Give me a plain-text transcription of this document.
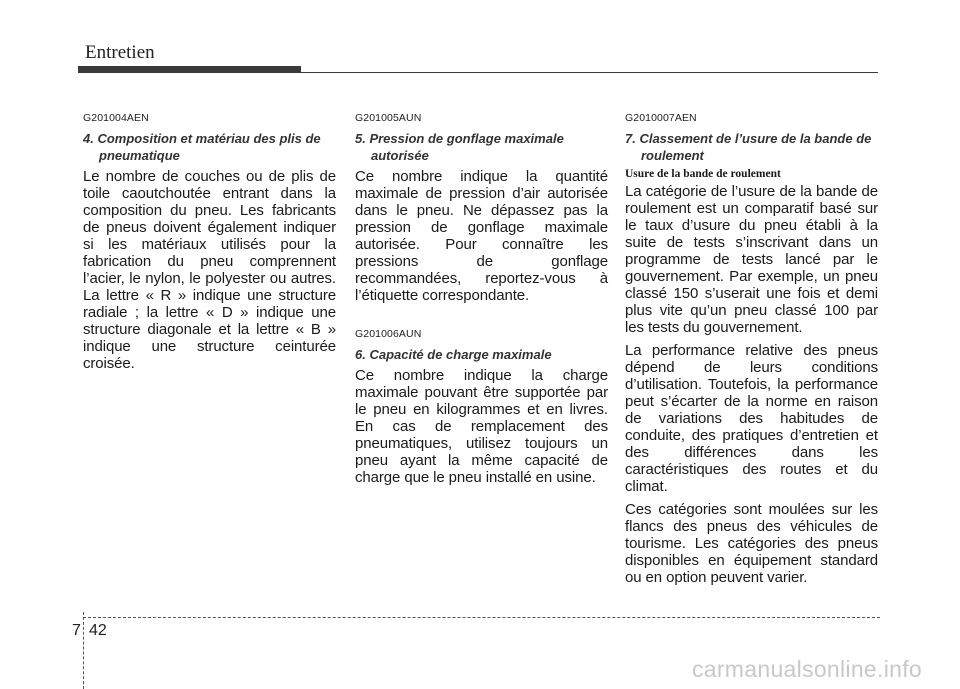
Entretien
G201004AEN
4. Composition et matériau des plis de pneumatique

Le nombre de couches ou de plis de toile caoutchoutée entrant dans la composition du pneu. Les fabricants de pneus doivent également indiquer si les matériaux utilisés pour la fabrication du pneu comprennent l’acier, le nylon, le polyester ou autres. La lettre « R » indique une structure radiale ; la lettre « D » indique une structure diagonale et la lettre « B » indique une structure ceinturée croisée.

G201005AUN
5. Pression de gonflage maximale autorisée

Ce nombre indique la quantité maximale de pression d’air autorisée dans le pneu. Ne dépassez pas la pression de gonflage maximale autorisée. Pour connaître les pressions de gonflage recommandées, reportez-vous à l’étiquette correspondante.

G201006AUN
6. Capacité de charge maximale

Ce nombre indique la charge maximale pouvant être supportée par le pneu en kilogrammes et en livres. En cas de remplacement des pneumatiques, utilisez toujours un pneu ayant la même capacité de charge que le pneu installé en usine.

G2010007AEN
7. Classement de l’usure de la bande de roulement
Usure de la bande de roulement

La catégorie de l’usure de la bande de roulement est un comparatif basé sur le taux d’usure du pneu établi à la suite de tests s’inscrivant dans un programme de tests lancé par le gouvernement. Par exemple, un pneu classé 150 s’userait une fois et demi plus vite qu’un pneu classé 100 par les tests du gouvernement.

La performance relative des pneus dépend de leurs conditions d’utilisation. Toutefois, la performance peut s’écarter de la norme en raison de variations des habitudes de conduite, des pratiques d’entretien et des différences dans les caractéristiques des routes et du climat.

Ces catégories sont moulées sur les flancs des pneus des véhicules de tourisme. Les catégories des pneus disponibles en équipement standard ou en option peuvent varier.

7 42
carmanualsonline.info
